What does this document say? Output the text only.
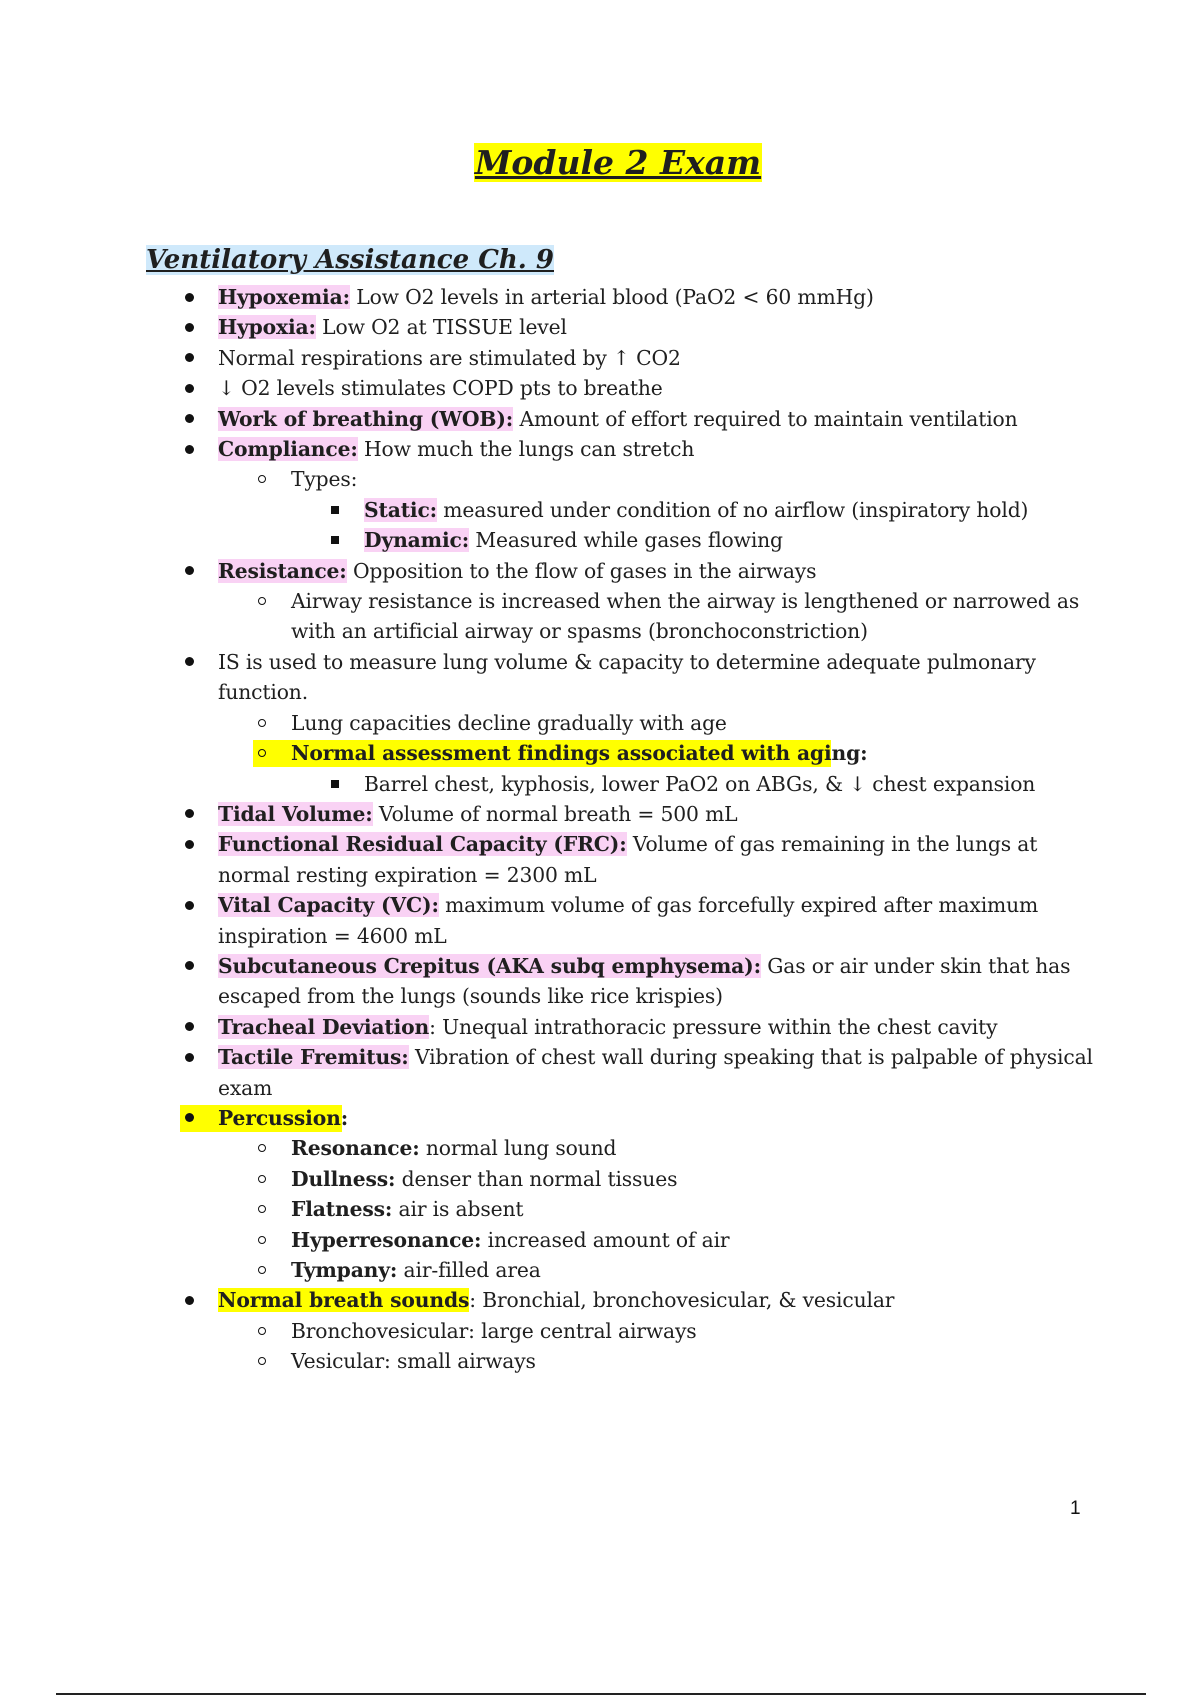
Module 2 Exam
Ventilatory Assistance Ch. 9
Hypoxemia: Low O2 levels in arterial blood (PaO2 < 60 mmHg)
Hypoxia: Low O2 at TISSUE level
Normal respirations are stimulated by ↑ CO2
↓ O2 levels stimulates COPD pts to breathe
Work of breathing (WOB): Amount of effort required to maintain ventilation
Compliance: How much the lungs can stretch
Types:
Static: measured under condition of no airflow (inspiratory hold)
Dynamic: Measured while gases flowing
Resistance: Opposition to the flow of gases in the airways
Airway resistance is increased when the airway is lengthened or narrowed as with an artificial airway or spasms (bronchoconstriction)
IS is used to measure lung volume & capacity to determine adequate pulmonary function.
Lung capacities decline gradually with age
Normal assessment findings associated with aging:
Barrel chest, kyphosis, lower PaO2 on ABGs, & ↓ chest expansion
Tidal Volume: Volume of normal breath = 500 mL
Functional Residual Capacity (FRC): Volume of gas remaining in the lungs at normal resting expiration = 2300 mL
Vital Capacity (VC): maximum volume of gas forcefully expired after maximum inspiration = 4600 mL
Subcutaneous Crepitus (AKA subq emphysema): Gas or air under skin that has escaped from the lungs (sounds like rice krispies)
Tracheal Deviation: Unequal intrathoracic pressure within the chest cavity
Tactile Fremitus: Vibration of chest wall during speaking that is palpable of physical exam
Percussion:
Resonance: normal lung sound
Dullness: denser than normal tissues
Flatness: air is absent
Hyperresonance: increased amount of air
Tympany: air-filled area
Normal breath sounds: Bronchial, bronchovesicular, & vesicular
Bronchovesicular: large central airways
Vesicular: small airways

1
